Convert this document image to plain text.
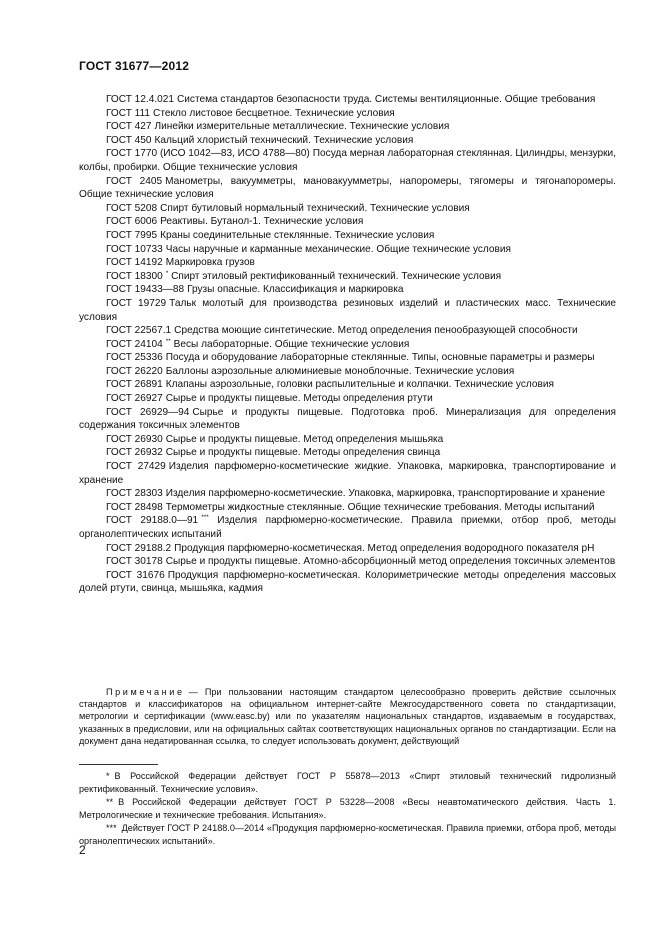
ГОСТ 31677—2012
ГОСТ 12.4.021 Система стандартов безопасности труда. Системы вентиляционные. Общие требования
ГОСТ 111 Стекло листовое бесцветное. Технические условия
ГОСТ 427 Линейки измерительные металлические. Технические условия
ГОСТ 450 Кальций хлористый технический. Технические условия
ГОСТ 1770 (ИСО 1042—83, ИСО 4788—80) Посуда мерная лабораторная стеклянная. Цилиндры, мензурки, колбы, пробирки. Общие технические условия
ГОСТ 2405 Манометры, вакуумметры, мановакуумметры, напоромеры, тягомеры и тягонапоромеры. Общие технические условия
ГОСТ 5208 Спирт бутиловый нормальный технический. Технические условия
ГОСТ 6006 Реактивы. Бутанол-1. Технические условия
ГОСТ 7995 Краны соединительные стеклянные. Технические условия
ГОСТ 10733 Часы наручные и карманные механические. Общие технические условия
ГОСТ 14192 Маркировка грузов
ГОСТ 18300 * Спирт этиловый ректификованный технический. Технические условия
ГОСТ 19433—88 Грузы опасные. Классификация и маркировка
ГОСТ 19729 Тальк молотый для производства резиновых изделий и пластических масс. Технические условия
ГОСТ 22567.1 Средства моющие синтетические. Метод определения пенообразующей способности
ГОСТ 24104 ** Весы лабораторные. Общие технические условия
ГОСТ 25336 Посуда и оборудование лабораторные стеклянные. Типы, основные параметры и размеры
ГОСТ 26220 Баллоны аэрозольные алюминиевые моноблочные. Технические условия
ГОСТ 26891 Клапаны аэрозольные, головки распылительные и колпачки. Технические условия
ГОСТ 26927 Сырье и продукты пищевые. Методы определения ртути
ГОСТ 26929—94 Сырье и продукты пищевые. Подготовка проб. Минерализация для определения содержания токсичных элементов
ГОСТ 26930 Сырье и продукты пищевые. Метод определения мышьяка
ГОСТ 26932 Сырье и продукты пищевые. Методы определения свинца
ГОСТ 27429 Изделия парфюмерно-косметические жидкие. Упаковка, маркировка, транспортирование и хранение
ГОСТ 28303 Изделия парфюмерно-косметические. Упаковка, маркировка, транспортирование и хранение
ГОСТ 28498 Термометры жидкостные стеклянные. Общие технические требования. Методы испытаний
ГОСТ 29188.0—91 *** Изделия парфюмерно-косметические. Правила приемки, отбор проб, методы органолептических испытаний
ГОСТ 29188.2 Продукция парфюмерно-косметическая. Метод определения водородного показателя рН
ГОСТ 30178 Сырье и продукты пищевые. Атомно-абсорбционный метод определения токсичных элементов
ГОСТ 31676 Продукция парфюмерно-косметическая. Колориметрические методы определения массовых долей ртути, свинца, мышьяка, кадмия
Примечание — При пользовании настоящим стандартом целесообразно проверить действие ссылочных стандартов и классификаторов на официальном интернет-сайте Межгосударственного совета по стандартизации, метрологии и сертификации (www.easc.by) или по указателям национальных стандартов, издаваемым в государствах, указанных в предисловии, или на официальных сайтах соответствующих национальных органов по стандартизации. Если на документ дана недатированная ссылка, то следует использовать документ, действующий
* В Российской Федерации действует ГОСТ Р 55878—2013 «Спирт этиловый технический гидролизный ректификованный. Технические условия».
** В Российской Федерации действует ГОСТ Р 53228—2008 «Весы неавтоматического действия. Часть 1. Метрологические и технические требования. Испытания».
*** Действует ГОСТ Р 24188.0—2014 «Продукция парфюмерно-косметическая. Правила приемки, отбора проб, методы органолептических испытаний».
2
